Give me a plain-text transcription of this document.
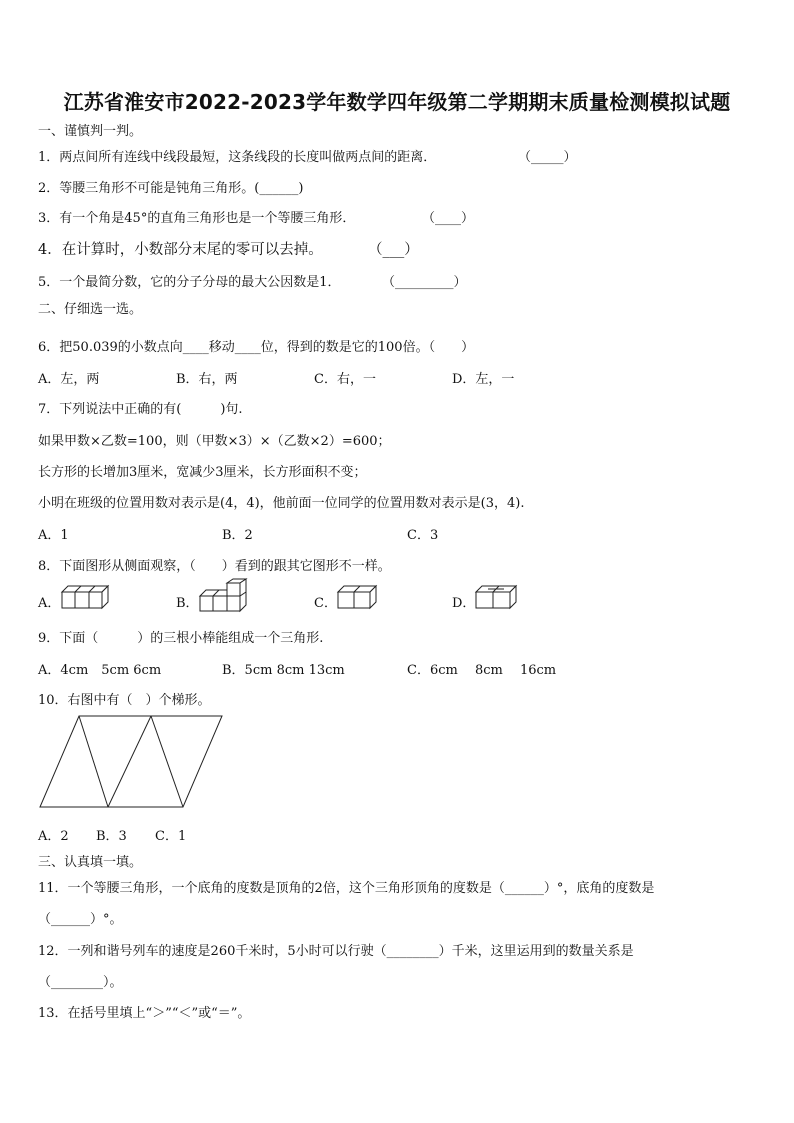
江苏省淮安市2022-2023学年数学四年级第二学期期末质量检测模拟试题
一、谨慎判一判。
1．两点间所有连线中线段最短，这条线段的长度叫做两点间的距离．	（_____）
2．等腰三角形不可能是钝角三角形。(______)
3．有一个角是45°的直角三角形也是一个等腰三角形．	（____）
4．在计算时，小数部分末尾的零可以去掉。	（___）
5．一个最简分数，它的分子分母的最大公因数是1．	（_________）
二、仔细选一选。
6．把50.039的小数点向____移动____位，得到的数是它的100倍。（　　）
A．左，两	B．右，两	C．右，一	D．左，一
7．下列说法中正确的有(　　　)句.
如果甲数×乙数=100，则（甲数×3）×（乙数×2）=600；
长方形的长增加3厘米，宽减少3厘米，长方形面积不变；
小明在班级的位置用数对表示是(4，4)，他前面一位同学的位置用数对表示是(3，4).
A．1	B．2	C．3
8．下面图形从侧面观察，（　　）看到的跟其它图形不一样。
A．	B．	C．	D．
9．下面（　　　）的三根小棒能组成一个三角形.
A．4cm　5cm 6cm	B．5cm 8cm 13cm	C．6cm　 8cm　 16cm
10．右图中有（　）个梯形。
A．2 B．3 C．1
三、认真填一填。
11．一个等腰三角形，一个底角的度数是顶角的2倍，这个三角形顶角的度数是（______）°，底角的度数是
（______）°。
12．一列和谐号列车的速度是260千米时，5小时可以行驶（________）千米，这里运用到的数量关系是
（________）。
13．在括号里填上“＞”“＜”或“＝”。
